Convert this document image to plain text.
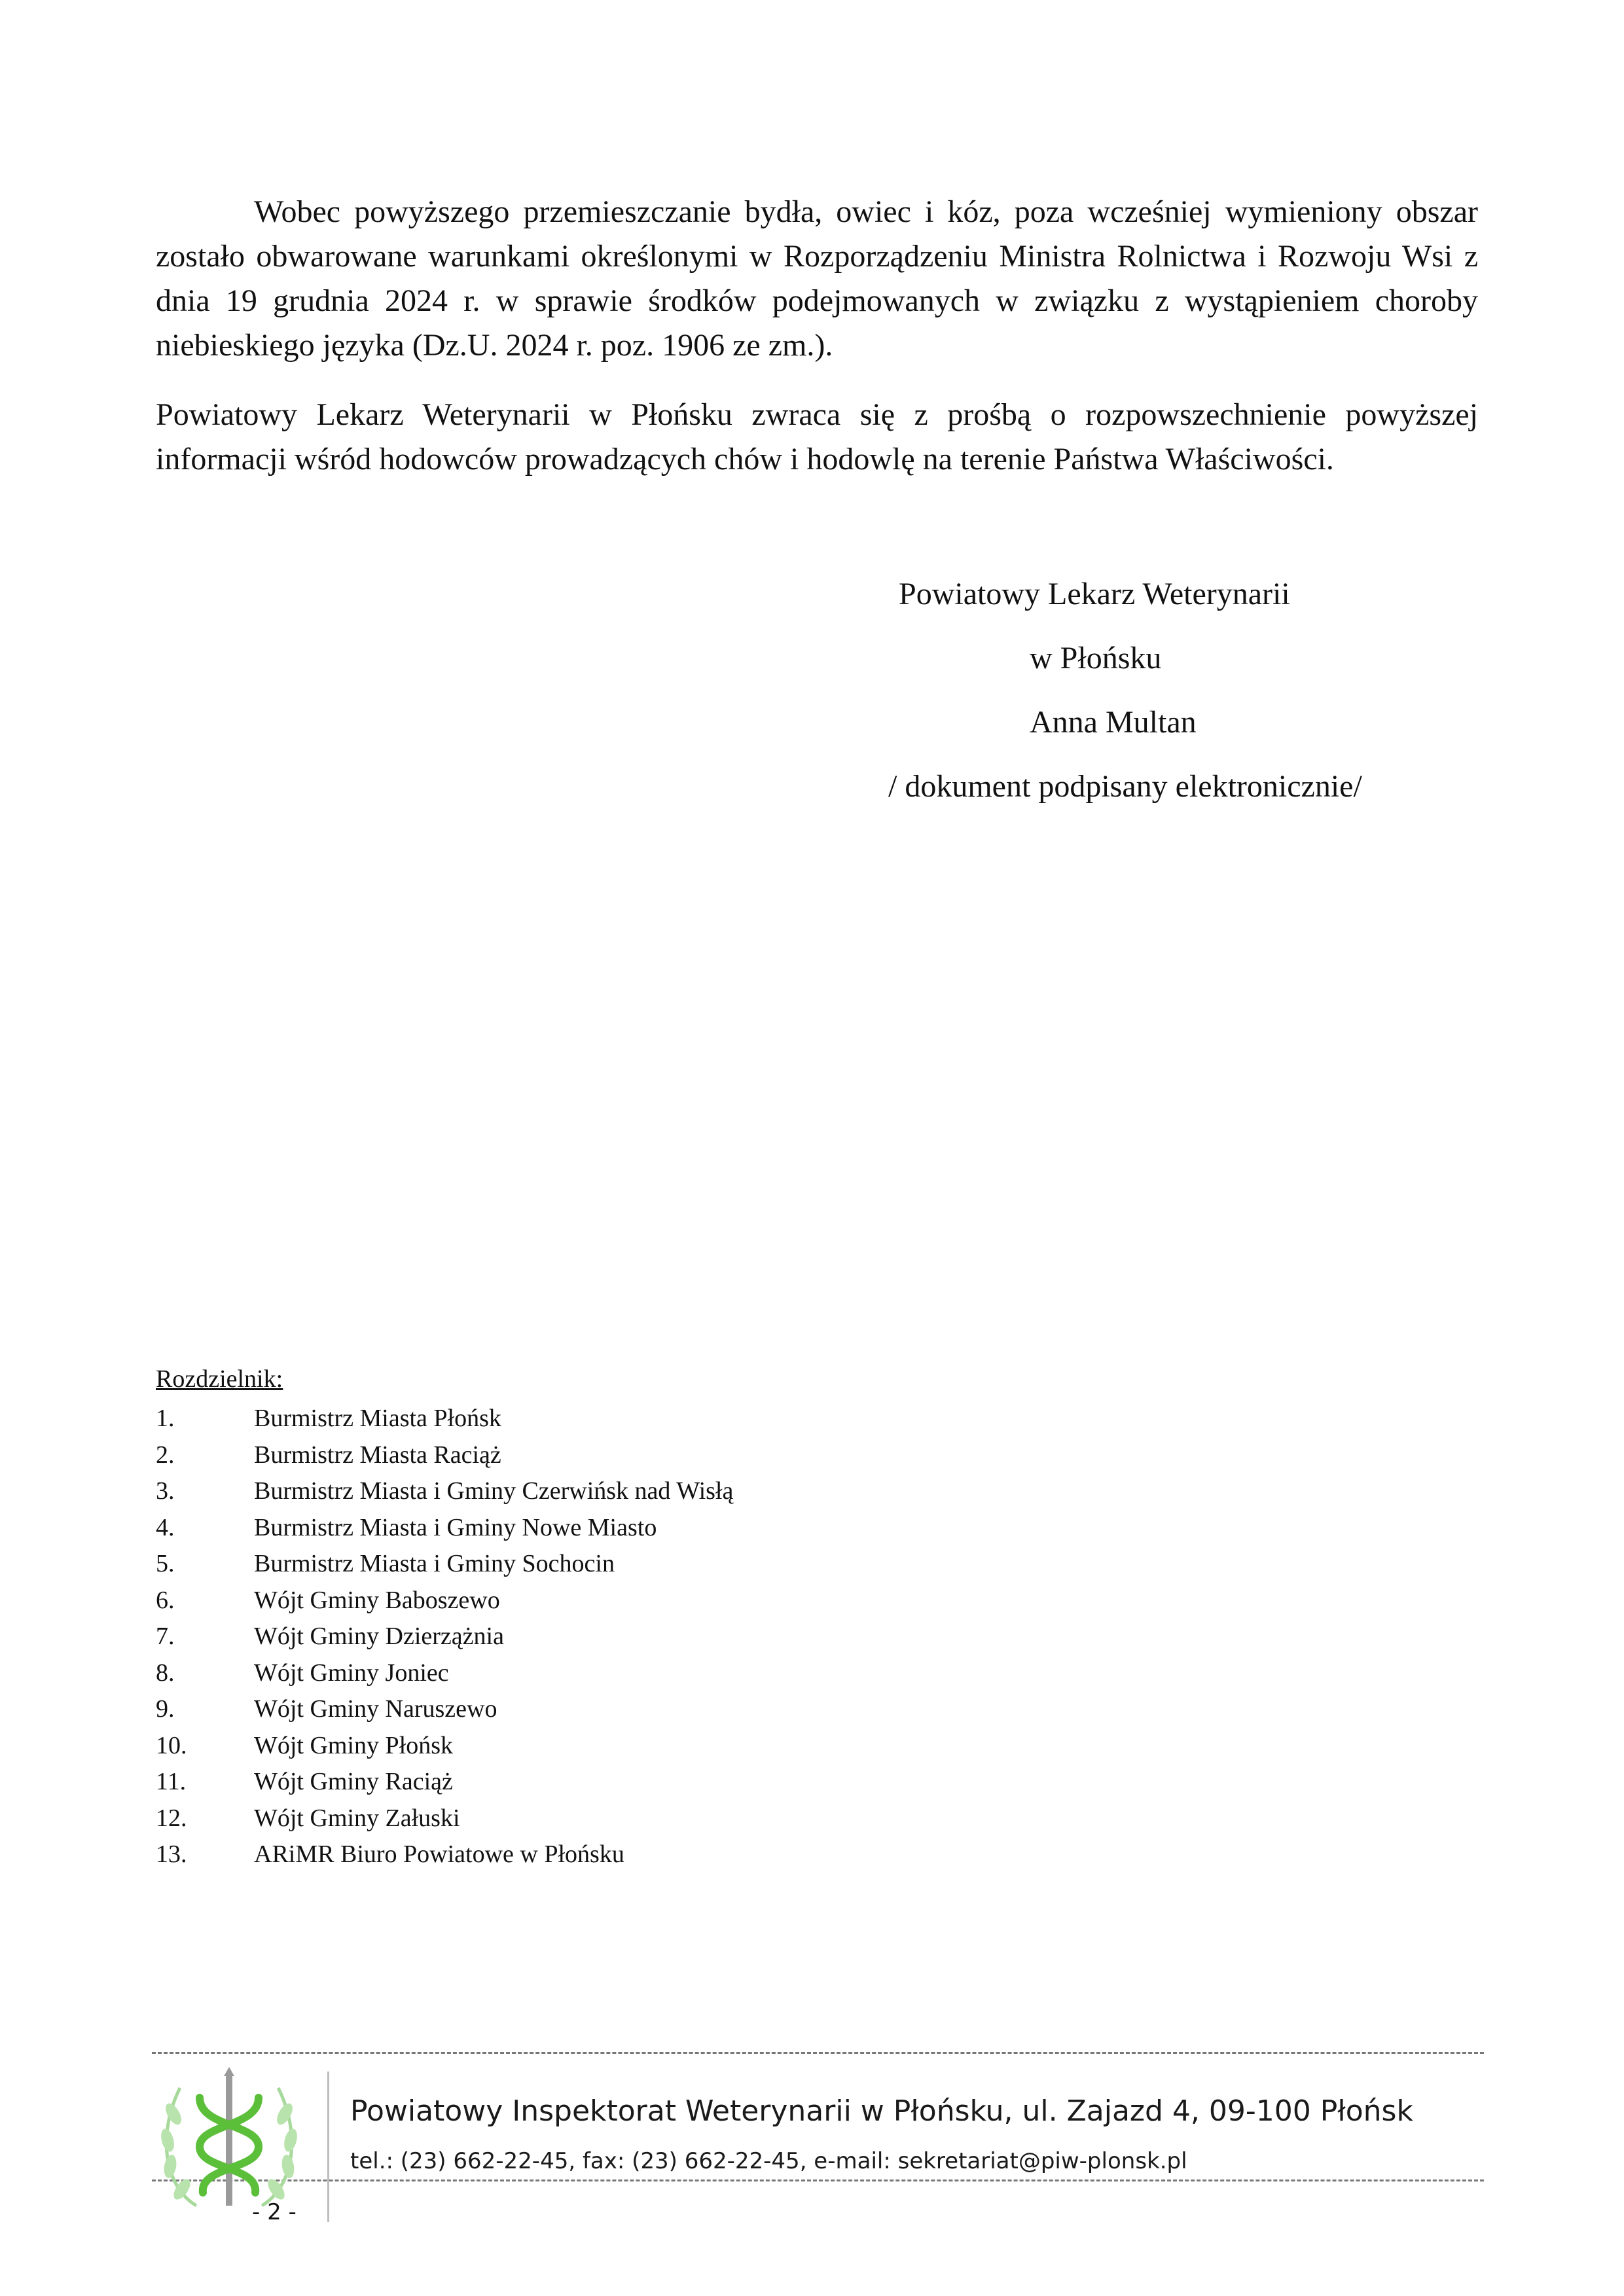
Wobec powyższego przemieszczanie bydła, owiec i kóz, poza wcześniej wymieniony obszar zostało obwarowane warunkami określonymi w Rozporządzeniu Ministra Rolnictwa i Rozwoju Wsi z dnia 19 grudnia 2024 r. w sprawie środków podejmowanych w związku z wystąpieniem choroby niebieskiego języka (Dz.U. 2024 r. poz. 1906 ze zm.).

Powiatowy Lekarz Weterynarii w Płońsku zwraca się z prośbą o rozpowszechnienie powyższej informacji wśród hodowców prowadzących chów i hodowlę na terenie Państwa Właściwości.

Powiatowy Lekarz Weterynarii
w Płońsku
Anna Multan
/ dokument podpisany elektronicznie/
Rozdzielnik:
1.	Burmistrz Miasta Płońsk
2.	Burmistrz Miasta Raciąż
3.	Burmistrz Miasta i Gminy Czerwińsk nad Wisłą
4.	Burmistrz Miasta i Gminy Nowe Miasto
5.	Burmistrz Miasta i Gminy Sochocin
6.	Wójt Gminy Baboszewo
7.	Wójt Gminy Dzierzążnia
8.	Wójt Gminy Joniec
9.	Wójt Gminy Naruszewo
10.	Wójt Gminy Płońsk
11.	Wójt Gminy Raciąż
12.	Wójt Gminy Załuski
13.	ARiMR Biuro Powiatowe w Płońsku
Powiatowy Inspektorat Weterynarii w Płońsku, ul. Zajazd 4, 09-100 Płońsk
tel.: (23) 662-22-45, fax: (23) 662-22-45, e-mail: sekretariat@piw-plonsk.pl
- 2 -
